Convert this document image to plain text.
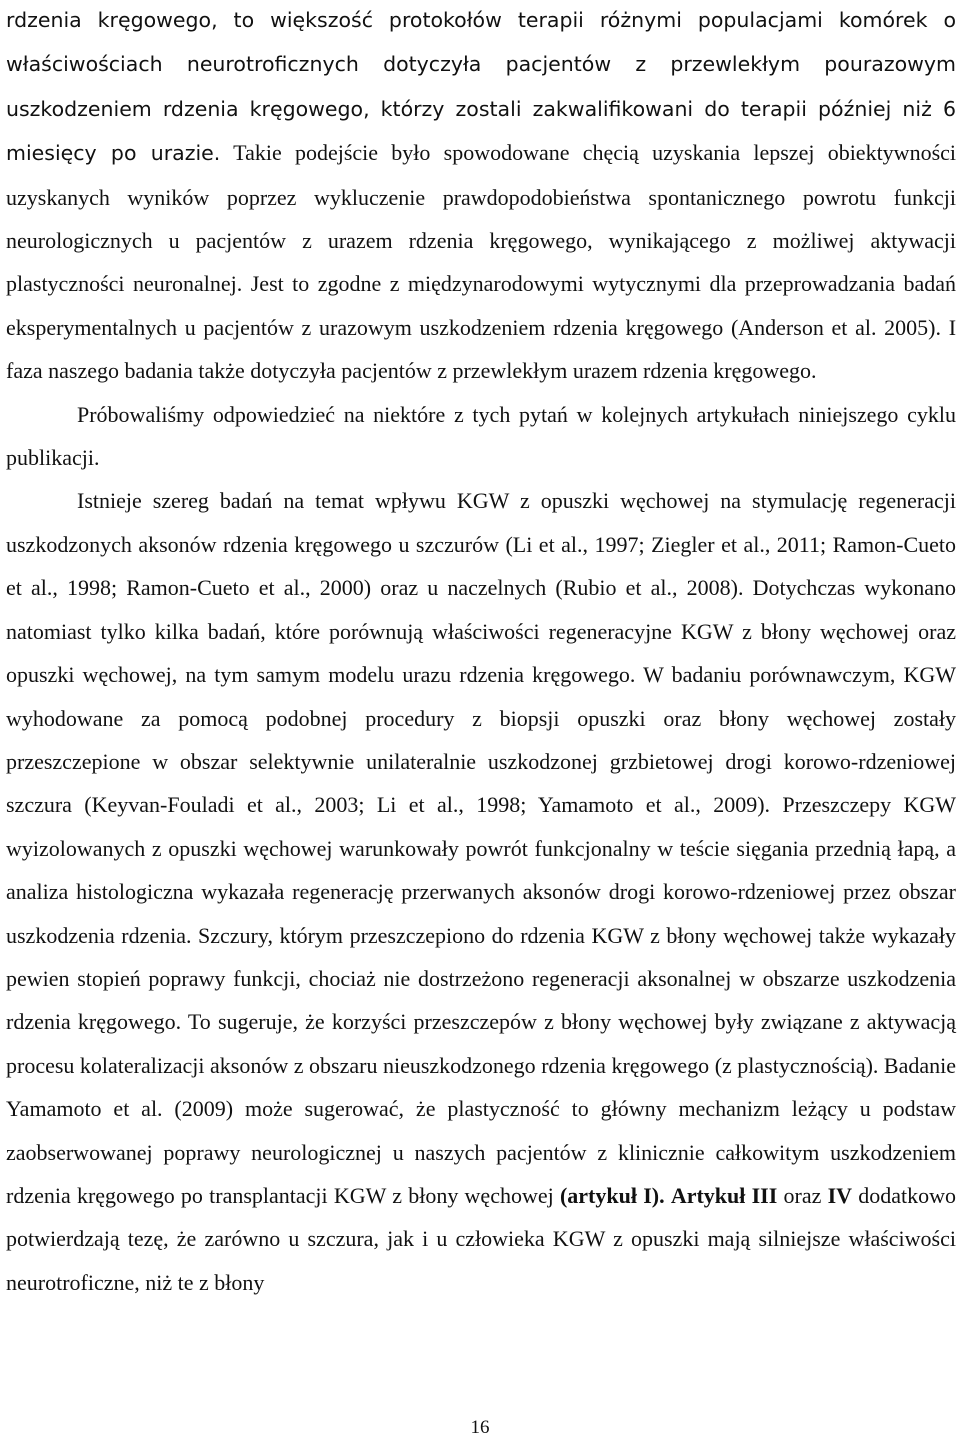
rdzenia kręgowego, to większość protokołów terapii różnymi populacjami komórek o właściwościach neurotroficznych dotyczyła pacjentów z przewlekłym pourazowym uszkodzeniem rdzenia kręgowego, którzy zostali zakwalifikowani do terapii później niż 6 miesięcy po urazie. Takie podejście było spowodowane chęcią uzyskania lepszej obiektywności uzyskanych wyników poprzez wykluczenie prawdopodobieństwa spontanicznego powrotu funkcji neurologicznych u pacjentów z urazem rdzenia kręgowego, wynikającego z możliwej aktywacji plastyczności neuronalnej. Jest to zgodne z międzynarodowymi wytycznymi dla przeprowadzania badań eksperymentalnych u pacjentów z urazowym uszkodzeniem rdzenia kręgowego (Anderson et al. 2005). I faza naszego badania także dotyczyła pacjentów z przewlekłym urazem rdzenia kręgowego.

Próbowaliśmy odpowiedzieć na niektóre z tych pytań w kolejnych artykułach niniejszego cyklu publikacji.

Istnieje szereg badań na temat wpływu KGW z opuszki węchowej na stymulację regeneracji uszkodzonych aksonów rdzenia kręgowego u szczurów (Li et al., 1997; Ziegler et al., 2011; Ramon-Cueto et al., 1998; Ramon-Cueto et al., 2000) oraz u naczelnych (Rubio et al., 2008). Dotychczas wykonano natomiast tylko kilka badań, które porównują właściwości regeneracyjne KGW z błony węchowej oraz opuszki węchowej, na tym samym modelu urazu rdzenia kręgowego. W badaniu porównawczym, KGW wyhodowane za pomocą podobnej procedury z biopsji opuszki oraz błony węchowej zostały przeszczepione w obszar selektywnie unilateralnie uszkodzonej grzbietowej drogi korowo-rdzeniowej szczura (Keyvan-Fouladi et al., 2003; Li et al., 1998; Yamamoto et al., 2009). Przeszczepy KGW wyizolowanych z opuszki węchowej warunkowały powrót funkcjonalny w teście sięgania przednią łapą, a analiza histologiczna wykazała regenerację przerwanych aksonów drogi korowo-rdzeniowej przez obszar uszkodzenia rdzenia. Szczury, którym przeszczepiono do rdzenia KGW z błony węchowej także wykazały pewien stopień poprawy funkcji, chociaż nie dostrzeżono regeneracji aksonalnej w obszarze uszkodzenia rdzenia kręgowego. To sugeruje, że korzyści przeszczepów z błony węchowej były związane z aktywacją procesu kolateralizacji aksonów z obszaru nieuszkodzonego rdzenia kręgowego (z plastycznością). Badanie Yamamoto et al. (2009) może sugerować, że plastyczność to główny mechanizm leżący u podstaw zaobserwowanej poprawy neurologicznej u naszych pacjentów z klinicznie całkowitym uszkodzeniem rdzenia kręgowego po transplantacji KGW z błony węchowej (artykuł I). Artykuł III oraz IV dodatkowo potwierdzają tezę, że zarówno u szczura, jak i u człowieka KGW z opuszki mają silniejsze właściwości neurotroficzne, niż te z błony

16
